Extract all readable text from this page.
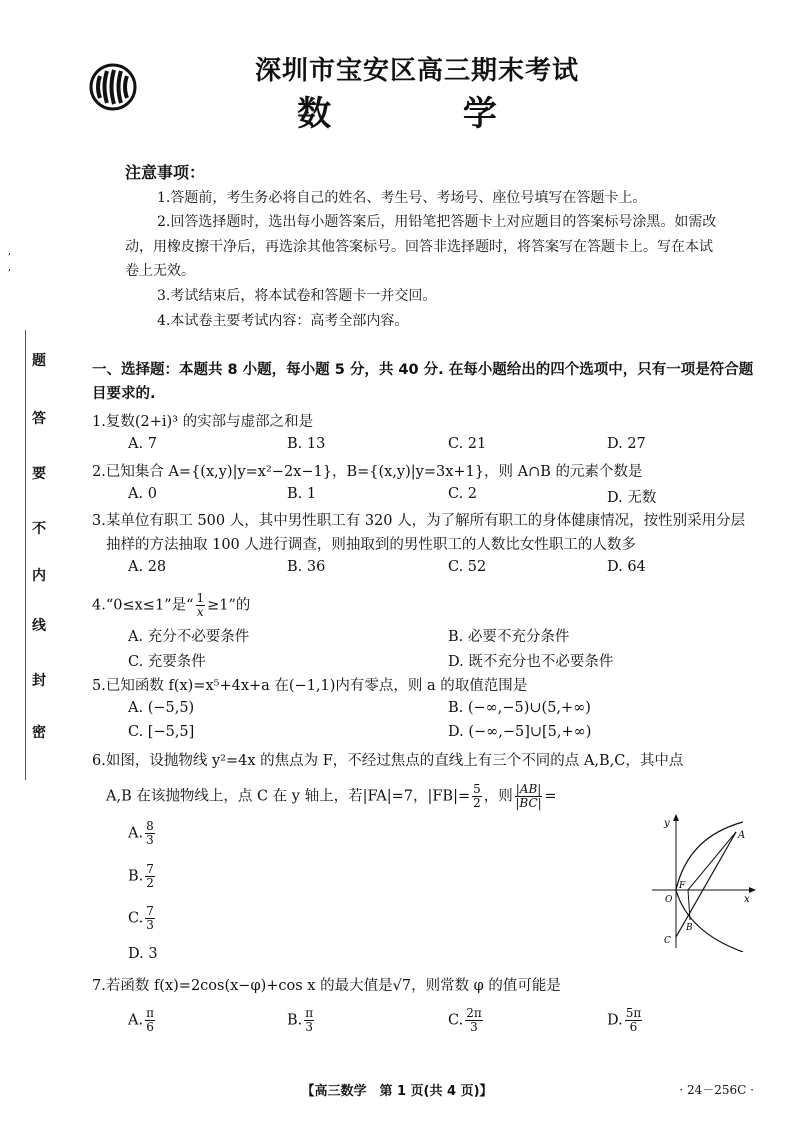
,
,
题
答
要
不
内
线
封
密
深圳市宝安区高三期末考试
数 学
注意事项：
1.答题前，考生务必将自己的姓名、考生号、考场号、座位号填写在答题卡上。
2.回答选择题时，选出每小题答案后，用铅笔把答题卡上对应题目的答案标号涂黑。如需改动，用橡皮擦干净后，再选涂其他答案标号。回答非选择题时，将答案写在答题卡上。写在本试卷上无效。
3.考试结束后，将本试卷和答题卡一并交回。
4.本试卷主要考试内容：高考全部内容。
一、选择题：本题共 8 小题，每小题 5 分，共 40 分. 在每小题给出的四个选项中，只有一项是符合题目要求的.
1.复数(2+i)³ 的实部与虚部之和是
A. 7	B. 13	C. 21	D. 27
2.已知集合 A={(x,y)|y=x²−2x−1}，B={(x,y)|y=3x+1}，则 A∩B 的元素个数是
A. 0	B. 1	C. 2	D. 无数
3.某单位有职工 500 人，其中男性职工有 320 人，为了解所有职工的身体健康情况，按性别采用分层抽样的方法抽取 100 人进行调查，则抽取到的男性职工的人数比女性职工的人数多
A. 28	B. 36	C. 52	D. 64
4.“0≤x≤1”是“ $\frac{1}{x} \ge 1$”的
A. 充分不必要条件	B. 必要不充分条件
C. 充要条件	D. 既不充分也不必要条件
5.已知函数 f(x)=x⁵+4x+a 在(−1,1)内有零点，则 a 的取值范围是
A. (−5,5)	B. (−∞,−5)∪(5,+∞)
C. [−5,5]	D. (−∞,−5]∪[5,+∞)
6.如图，设抛物线 y²=4x 的焦点为 F，不经过焦点的直线上有三个不同的点 A,B,C，其中点
A,B 在该抛物线上，点 C 在 y 轴上，若|FA|=7，$|FB|= \frac{5}{2}$ ，则 $\frac{|AB|}{|BC|}$ =
A. $\frac{8}{3}$
B. $\frac{7}{2}$
C. $\frac{7}{3}$
D. 3
y
A
F
O	x
B
C
7.若函数 f(x)=2cos(x−φ)+cos x 的最大值是√7，则常数 φ 的值可能是
A. $\frac{\pi}{6}$	B. $\frac{\pi}{3}$	C. $\frac{2\pi}{3}$	D. $\frac{5\pi}{6}$
【高三数学　第 1 页(共 4 页)】	· 24－256C ·
